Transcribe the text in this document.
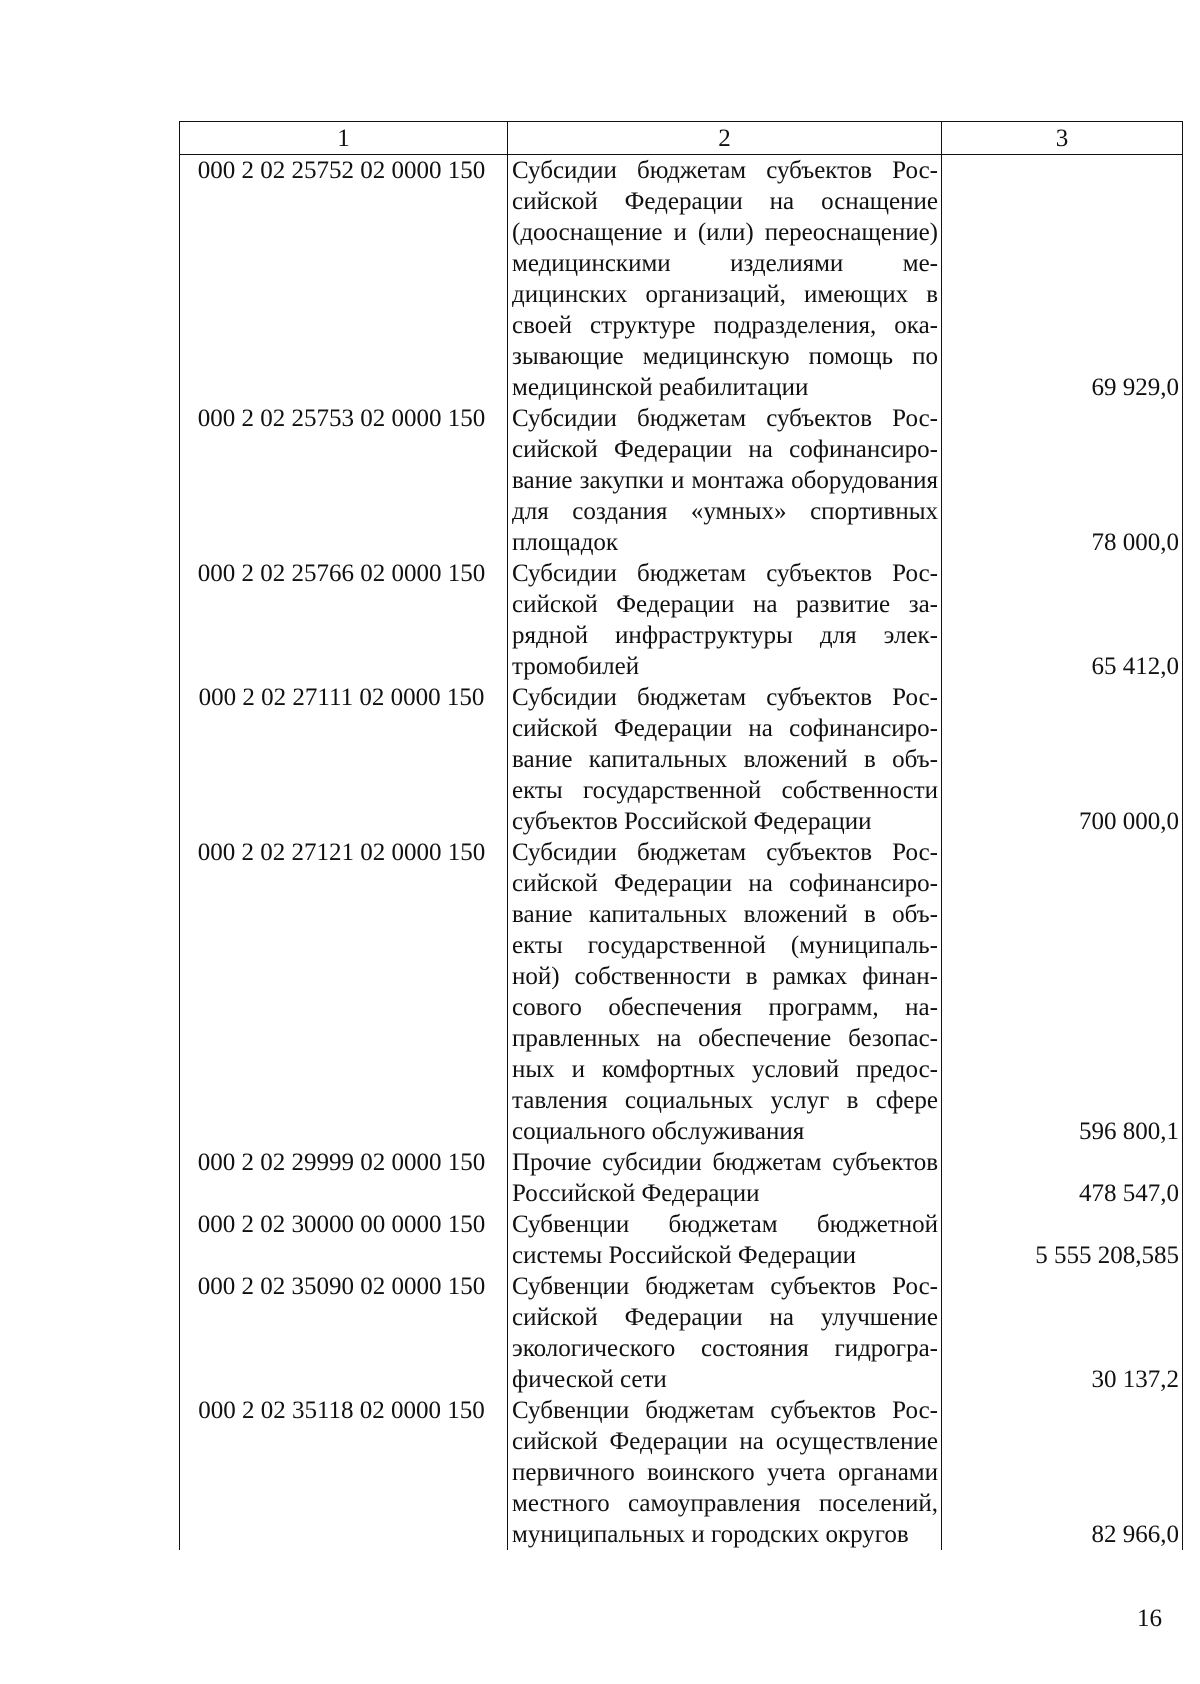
1	2	3
000 2 02 25752 02 0000 150	Субсидии бюджетам субъектов Российской Федерации на оснащение (дооснащение и (или) переоснащение) медицинскими изделиями медицинских организаций, имеющих в своей структуре подразделения, оказывающие медицинскую помощь по медицинской реабилитации	69 929,0
000 2 02 25753 02 0000 150	Субсидии бюджетам субъектов Российской Федерации на софинансирование закупки и монтажа оборудования для создания «умных» спортивных площадок	78 000,0
000 2 02 25766 02 0000 150	Субсидии бюджетам субъектов Российской Федерации на развитие зарядной инфраструктуры для электромобилей	65 412,0
000 2 02 27111 02 0000 150	Субсидии бюджетам субъектов Российской Федерации на софинансирование капитальных вложений в объекты государственной собственности субъектов Российской Федерации	700 000,0
000 2 02 27121 02 0000 150	Субсидии бюджетам субъектов Российской Федерации на софинансирование капитальных вложений в объекты государственной (муниципальной) собственности в рамках финансового обеспечения программ, направленных на обеспечение безопасных и комфортных условий предоставления социальных услуг в сфере социального обслуживания	596 800,1
000 2 02 29999 02 0000 150	Прочие субсидии бюджетам субъектов Российской Федерации	478 547,0
000 2 02 30000 00 0000 150	Субвенции бюджетам бюджетной системы Российской Федерации	5 555 208,585
000 2 02 35090 02 0000 150	Субвенции бюджетам субъектов Российской Федерации на улучшение экологического состояния гидрографической сети	30 137,2
000 2 02 35118 02 0000 150	Субвенции бюджетам субъектов Российской Федерации на осуществление первичного воинского учета органами местного самоуправления поселений, муниципальных и городских округов	82 966,0
16
